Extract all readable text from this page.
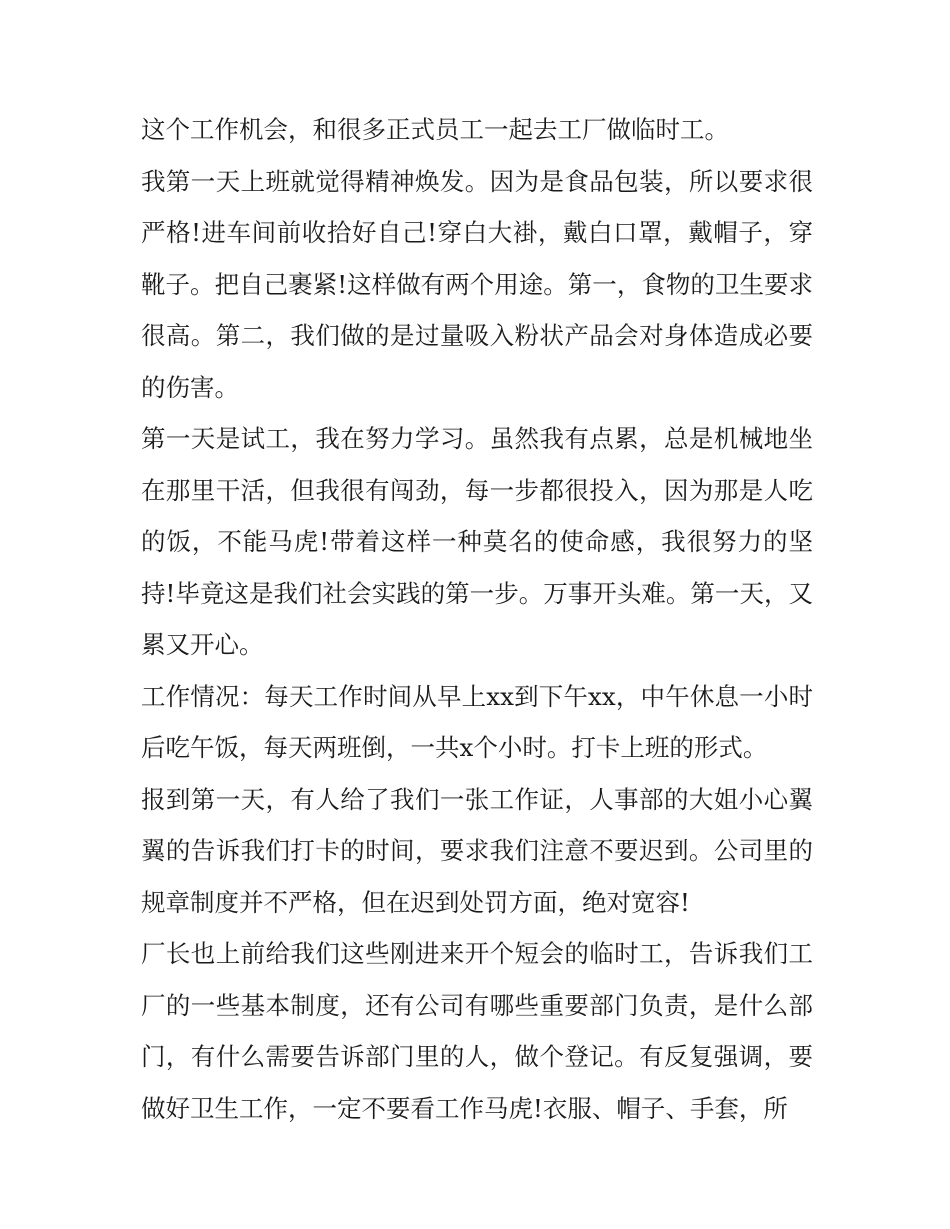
这个工作机会，和很多正式员工一起去工厂做临时工。

我第一天上班就觉得精神焕发。因为是食品包装，所以要求很严格!进车间前收拾好自己!穿白大褂，戴白口罩，戴帽子，穿靴子。把自己裹紧!这样做有两个用途。第一，食物的卫生要求很高。第二，我们做的是过量吸入粉状产品会对身体造成必要的伤害。

第一天是试工，我在努力学习。虽然我有点累，总是机械地坐在那里干活，但我很有闯劲，每一步都很投入，因为那是人吃的饭，不能马虎!带着这样一种莫名的使命感，我很努力的坚持!毕竟这是我们社会实践的第一步。万事开头难。第一天，又累又开心。

工作情况：每天工作时间从早上xx到下午xx，中午休息一小时后吃午饭，每天两班倒，一共x个小时。打卡上班的形式。

报到第一天，有人给了我们一张工作证，人事部的大姐小心翼翼的告诉我们打卡的时间，要求我们注意不要迟到。公司里的规章制度并不严格，但在迟到处罚方面，绝对宽容!

厂长也上前给我们这些刚进来开个短会的临时工，告诉我们工厂的一些基本制度，还有公司有哪些重要部门负责，是什么部门，有什么需要告诉部门里的人，做个登记。有反复强调，要做好卫生工作，一定不要看工作马虎!衣服、帽子、手套，所
